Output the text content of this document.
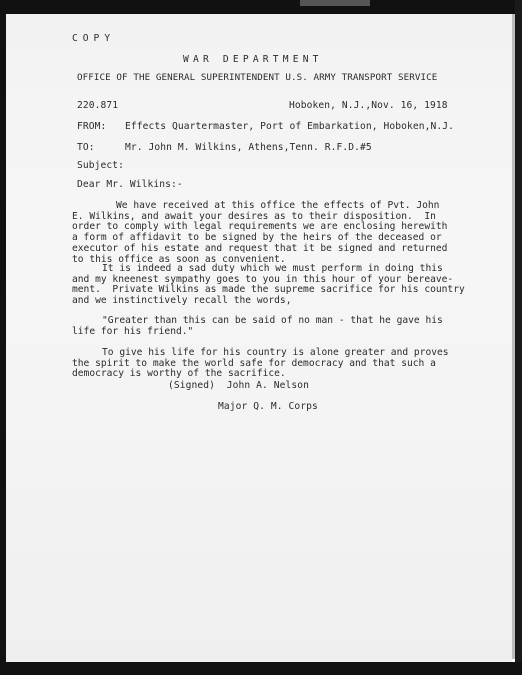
COPY
WAR DEPARTMENT
OFFICE OF THE GENERAL SUPERINTENDENT U.S. ARMY TRANSPORT SERVICE
220.871	Hoboken, N.J.,Nov. 16, 1918
FROM: Effects Quartermaster, Port of Embarkation, Hoboken,N.J.
TO:	Mr. John M. Wilkins, Athens,Tenn. R.F.D.#5
Subject:
Dear Mr. Wilkins:-
We have received at this office the effects of Pvt. John
E. Wilkins, and await your desires as to their disposition.  In
order to comply with legal requirements we are enclosing herewith
a form of affidavit to be signed by the heirs of the deceased or
executor of his estate and request that it be signed and returned
to this office as soon as convenient.
It is indeed a sad duty which we must perform in doing this
and my kneenest sympathy goes to you in this hour of your bereave-
ment.  Private Wilkins as made the supreme sacrifice for his country
and we instinctively recall the words,
"Greater than this can be said of no man - that he gave his
life for his friend."
To give his life for his country is alone greater and proves
the spirit to make the world safe for democracy and that such a
democracy is worthy of the sacrifice.
(Signed)  John A. Nelson
Major Q. M. Corps
